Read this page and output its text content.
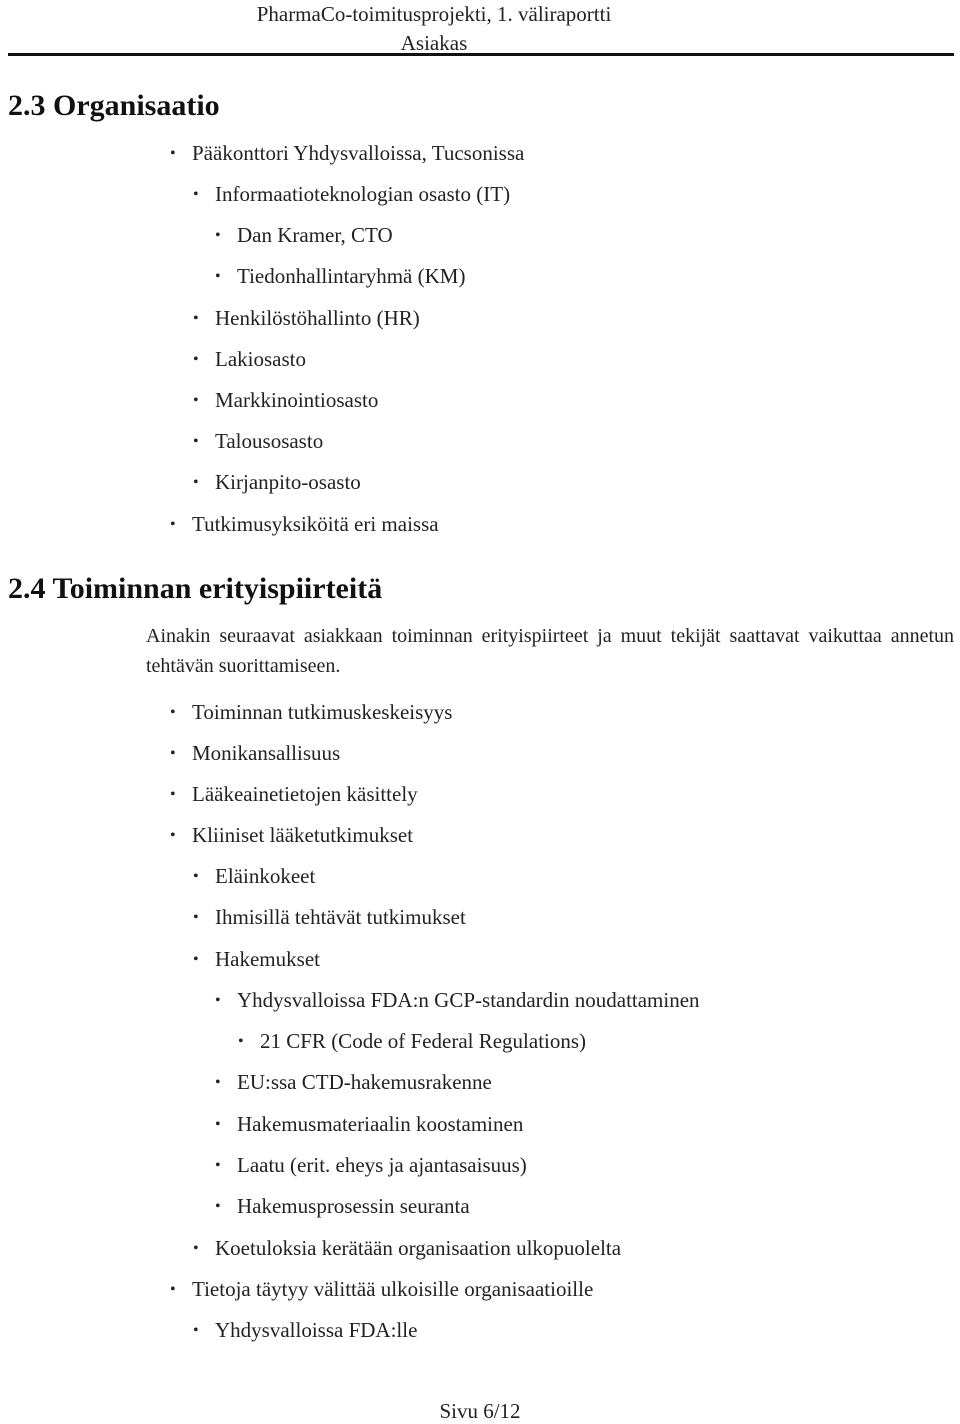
PharmaCo-toimitusprojekti, 1. väliraportti
Asiakas
2.3 Organisaatio
• Pääkonttori Yhdysvalloissa, Tucsonissa
• Informaatioteknologian osasto (IT)
• Dan Kramer, CTO
• Tiedonhallintaryhmä (KM)
• Henkilöstöhallinto (HR)
• Lakiosasto
• Markkinointiosasto
• Talousosasto
• Kirjanpito-osasto
• Tutkimusyksiköitä eri maissa
2.4 Toiminnan erityispiirteitä

Ainakin seuraavat asiakkaan toiminnan erityispiirteet ja muut tekijät saattavat vaikuttaa annetun tehtävän suorittamiseen.

• Toiminnan tutkimuskeskeisyys
• Monikansallisuus
• Lääkeainetietojen käsittely
• Kliiniset lääketutkimukset
• Eläinkokeet
• Ihmisillä tehtävät tutkimukset
• Hakemukset
• Yhdysvalloissa FDA:n GCP-standardin noudattaminen
• 21 CFR (Code of Federal Regulations)
• EU:ssa CTD-hakemusrakenne
• Hakemusmateriaalin koostaminen
• Laatu (erit. eheys ja ajantasaisuus)
• Hakemusprosessin seuranta
• Koetuloksia kerätään organisaation ulkopuolelta
• Tietoja täytyy välittää ulkoisille organisaatioille
• Yhdysvalloissa FDA:lle
Sivu 6/12
